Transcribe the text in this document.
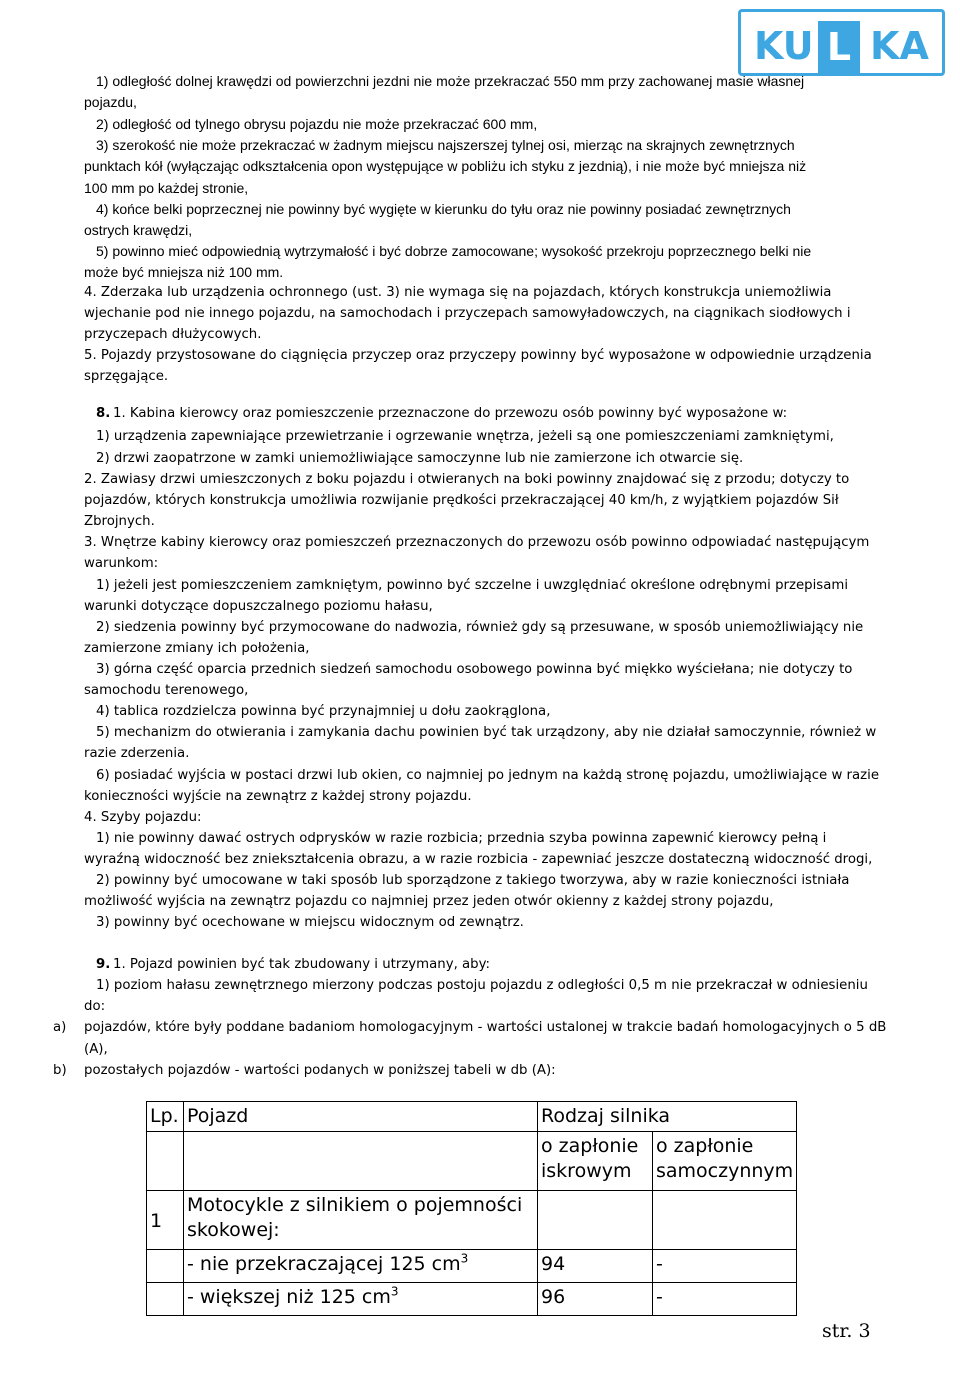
KU L KA
1) odległość dolnej krawędzi od powierzchni jezdni nie może przekraczać 550 mm przy zachowanej masie własnej
pojazdu,
2) odległość od tylnego obrysu pojazdu nie może przekraczać 600 mm,
3) szerokość nie może przekraczać w żadnym miejscu najszerszej tylnej osi, mierząc na skrajnych zewnętrznych
punktach kół (wyłączając odkształcenia opon występujące w pobliżu ich styku z jezdnią), i nie może być mniejsza niż
100 mm po każdej stronie,
4) końce belki poprzecznej nie powinny być wygięte w kierunku do tyłu oraz nie powinny posiadać zewnętrznych
ostrych krawędzi,
5) powinno mieć odpowiednią wytrzymałość i być dobrze zamocowane; wysokość przekroju poprzecznego belki nie
może być mniejsza niż 100 mm.
4. Zderzaka lub urządzenia ochronnego (ust. 3) nie wymaga się na pojazdach, których konstrukcja uniemożliwia
wjechanie pod nie innego pojazdu, na samochodach i przyczepach samowyładowczych, na ciągnikach siodłowych i
przyczepach dłużycowych.
5. Pojazdy przystosowane do ciągnięcia przyczep oraz przyczepy powinny być wyposażone w odpowiednie urządzenia
sprzęgające.
8. 1. Kabina kierowcy oraz pomieszczenie przeznaczone do przewozu osób powinny być wyposażone w:
1) urządzenia zapewniające przewietrzanie i ogrzewanie wnętrza, jeżeli są one pomieszczeniami zamkniętymi,
2) drzwi zaopatrzone w zamki uniemożliwiające samoczynne lub nie zamierzone ich otwarcie się.
2. Zawiasy drzwi umieszczonych z boku pojazdu i otwieranych na boki powinny znajdować się z przodu; dotyczy to
pojazdów, których konstrukcja umożliwia rozwijanie prędkości przekraczającej 40 km/h, z wyjątkiem pojazdów Sił
Zbrojnych.
3. Wnętrze kabiny kierowcy oraz pomieszczeń przeznaczonych do przewozu osób powinno odpowiadać następującym
warunkom:
1) jeżeli jest pomieszczeniem zamkniętym, powinno być szczelne i uwzględniać określone odrębnymi przepisami
warunki dotyczące dopuszczalnego poziomu hałasu,
2) siedzenia powinny być przymocowane do nadwozia, również gdy są przesuwane, w sposób uniemożliwiający nie
zamierzone zmiany ich położenia,
3) górna część oparcia przednich siedzeń samochodu osobowego powinna być miękko wyściełana; nie dotyczy to
samochodu terenowego,
4) tablica rozdzielcza powinna być przynajmniej u dołu zaokrąglona,
5) mechanizm do otwierania i zamykania dachu powinien być tak urządzony, aby nie działał samoczynnie, również w
razie zderzenia.
6) posiadać wyjścia w postaci drzwi lub okien, co najmniej po jednym na każdą stronę pojazdu, umożliwiające w razie
konieczności wyjście na zewnątrz z każdej strony pojazdu.
4. Szyby pojazdu:
1) nie powinny dawać ostrych odprysków w razie rozbicia; przednia szyba powinna zapewnić kierowcy pełną i
wyraźną widoczność bez zniekształcenia obrazu, a w razie rozbicia - zapewniać jeszcze dostateczną widoczność drogi,
2) powinny być umocowane w taki sposób lub sporządzone z takiego tworzywa, aby w razie konieczności istniała
możliwość wyjścia na zewnątrz pojazdu co najmniej przez jeden otwór okienny z każdej strony pojazdu,
3) powinny być ocechowane w miejscu widocznym od zewnątrz.
9. 1. Pojazd powinien być tak zbudowany i utrzymany, aby:
1) poziom hałasu zewnętrznego mierzony podczas postoju pojazdu z odległości 0,5 m nie przekraczał w odniesieniu
do:
a) pojazdów, które były poddane badaniom homologacyjnym - wartości ustalonej w trakcie badań homologacyjnych o 5 dB
(A),
b) pozostałych pojazdów - wartości podanych w poniższej tabeli w db (A):
Lp.	Pojazd	Rodzaj silnika	
		o zapłonie iskrowym	o zapłonie samoczynnym
1	Motocykle z silnikiem o pojemności skokowej:		
	- nie przekraczającej 125 $cm^3$	94	-
	- większej niż 125 $cm^3$	96	-
str. 3
